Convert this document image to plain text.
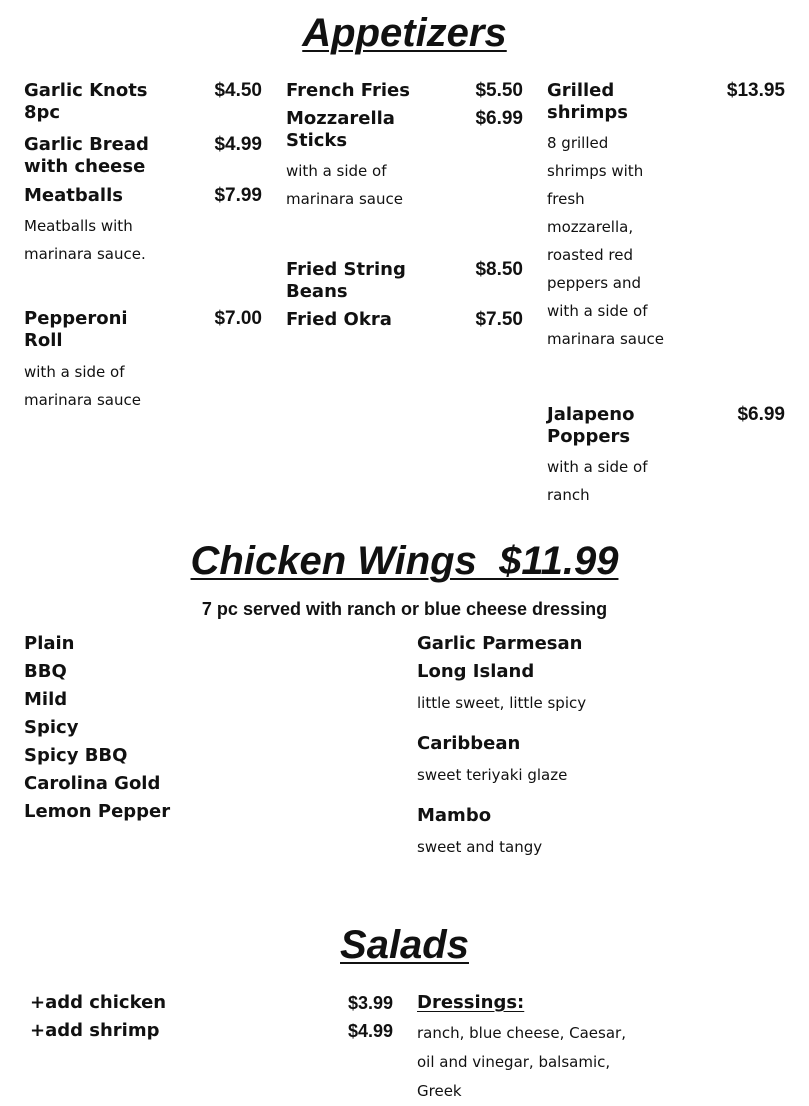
Appetizers
Garlic Knots 8pc
$4.50
Garlic Bread with cheese
$4.99
Meatballs	$7.99
Meatballs with marinara sauce.
Pepperoni Roll
$7.00
with a side of marinara sauce
French Fries	$5.50
Mozzarella Sticks
$6.99
with a side of marinara sauce
Fried String Beans
$8.50
Fried Okra	$7.50
Grilled shrimps
$13.95
8 grilled shrimps with fresh mozzarella, roasted red peppers and with a side of marinara sauce
Jalapeno Poppers
$6.99
with a side of ranch
Chicken Wings  $11.99
7 pc served with ranch or blue cheese dressing
Plain
BBQ
Mild
Spicy
Spicy BBQ
Carolina Gold
Lemon Pepper
Garlic Parmesan
Long Island
little sweet, little spicy
Caribbean
sweet teriyaki glaze
Mambo
sweet and tangy
Salads
+add chicken	$3.99
+add shrimp	$4.99
Dressings:
ranch, blue cheese, Caesar, oil and vinegar, balsamic, Greek
